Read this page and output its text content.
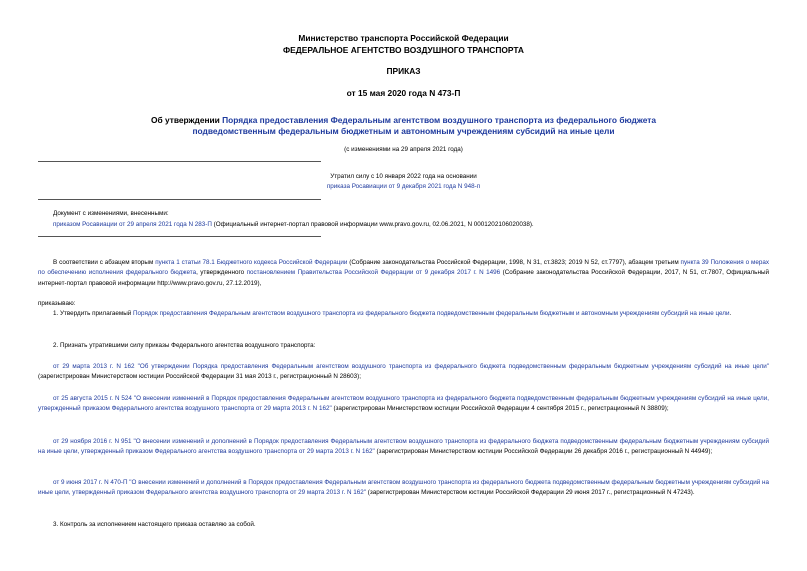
Министерство транспорта Российской Федерации
ФЕДЕРАЛЬНОЕ АГЕНТСТВО ВОЗДУШНОГО ТРАНСПОРТА
ПРИКАЗ
от 15 мая 2020 года N 473-П
Об утверждении Порядка предоставления Федеральным агентством воздушного транспорта из федерального бюджета подведомственным федеральным бюджетным и автономным учреждениям субсидий на иные цели
(с изменениями на 29 апреля 2021 года)
Утратил силу с 10 января 2022 года на основании
приказа Росавиации от 9 декабря 2021 года N 948-п
Документ с изменениями, внесенными:
приказом Росавиации от 29 апреля 2021 года N 283-П (Официальный интернет-портал правовой информации www.pravo.gov.ru, 02.06.2021, N 0001202106020038).
В соответствии с абзацем вторым пункта 1 статьи 78.1 Бюджетного кодекса Российской Федерации (Собрание законодательства Российской Федерации, 1998, N 31, ст.3823; 2019 N 52, ст.7797), абзацем третьим пункта 39 Положения о мерах по обеспечению исполнения федерального бюджета, утвержденного постановлением Правительства Российской Федерации от 9 декабря 2017 г. N 1496 (Собрание законодательства Российской Федерации, 2017, N 51, ст.7807, Официальный интернет-портал правовой информации http://www.pravo.gov.ru, 27.12.2019),
приказываю:
1. Утвердить прилагаемый Порядок предоставления Федеральным агентством воздушного транспорта из федерального бюджета подведомственным федеральным бюджетным и автономным учреждениям субсидий на иные цели.
2. Признать утратившими силу приказы Федерального агентства воздушного транспорта:
от 29 марта 2013 г. N 162 "Об утверждении Порядка предоставления Федеральным агентством воздушного транспорта из федерального бюджета подведомственным федеральным бюджетным учреждениям субсидий на иные цели" (зарегистрирован Министерством юстиции Российской Федерации 31 мая 2013 г., регистрационный N 28603);
от 25 августа 2015 г. N 524 "О внесении изменений в Порядок предоставления Федеральным агентством воздушного транспорта из федерального бюджета подведомственным федеральным бюджетным учреждениям субсидий на иные цели, утвержденный приказом Федерального агентства воздушного транспорта от 29 марта 2013 г. N 162" (зарегистрирован Министерством юстиции Российской Федерации 4 сентября 2015 г., регистрационный N 38809);
от 29 ноября 2016 г. N 951 "О внесении изменений и дополнений в Порядок предоставления Федеральным агентством воздушного транспорта из федерального бюджета подведомственным федеральным бюджетным учреждениям субсидий на иные цели, утвержденный приказом Федерального агентства воздушного транспорта от 29 марта 2013 г. N 162" (зарегистрирован Министерством юстиции Российской Федерации 26 декабря 2016 г., регистрационный N 44949);
от 9 июня 2017 г. N 470-П "О внесении изменений и дополнений в Порядок предоставления Федеральным агентством воздушного транспорта из федерального бюджета подведомственным федеральным бюджетным учреждениям субсидий на иные цели, утвержденный приказом Федерального агентства воздушного транспорта от 29 марта 2013 г. N 162" (зарегистрирован Министерством юстиции Российской Федерации 29 июня 2017 г., регистрационный N 47243).
3. Контроль за исполнением настоящего приказа оставляю за собой.
